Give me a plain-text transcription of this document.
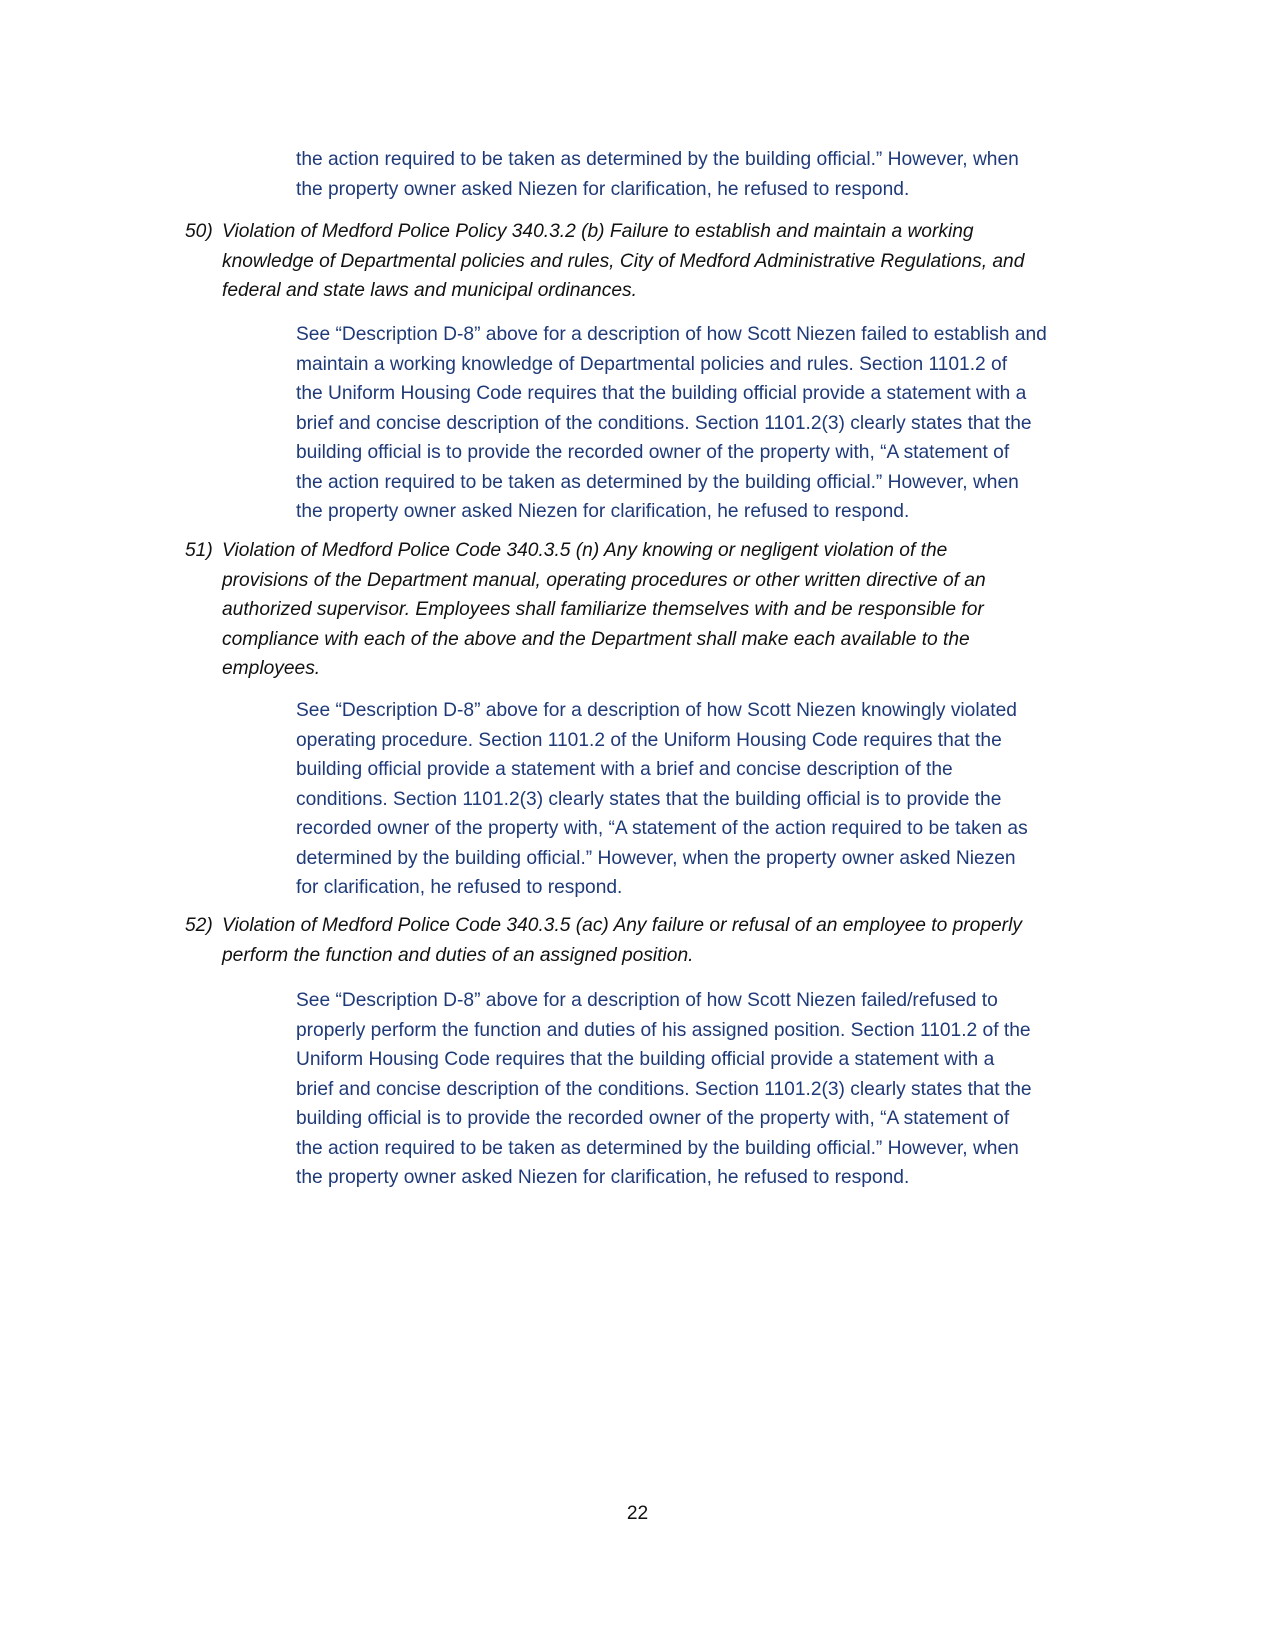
the action required to be taken as determined by the building official.” However, when
the property owner asked Niezen for clarification, he refused to respond.
50) Violation of Medford Police Policy 340.3.2 (b) Failure to establish and maintain a working
knowledge of Departmental policies and rules, City of Medford Administrative Regulations, and
federal and state laws and municipal ordinances.
See “Description D-8” above for a description of how Scott Niezen failed to establish and
maintain a working knowledge of Departmental policies and rules. Section 1101.2 of
the Uniform Housing Code requires that the building official provide a statement with a
brief and concise description of the conditions. Section 1101.2(3) clearly states that the
building official is to provide the recorded owner of the property with, “A statement of
the action required to be taken as determined by the building official.” However, when
the property owner asked Niezen for clarification, he refused to respond.
51) Violation of Medford Police Code 340.3.5 (n) Any knowing or negligent violation of the
provisions of the Department manual, operating procedures or other written directive of an
authorized supervisor. Employees shall familiarize themselves with and be responsible for
compliance with each of the above and the Department shall make each available to the
employees.
See “Description D-8” above for a description of how Scott Niezen knowingly violated
operating procedure. Section 1101.2 of the Uniform Housing Code requires that the
building official provide a statement with a brief and concise description of the
conditions. Section 1101.2(3) clearly states that the building official is to provide the
recorded owner of the property with, “A statement of the action required to be taken as
determined by the building official.” However, when the property owner asked Niezen
for clarification, he refused to respond.
52) Violation of Medford Police Code 340.3.5 (ac) Any failure or refusal of an employee to properly
perform the function and duties of an assigned position.
See “Description D-8” above for a description of how Scott Niezen failed/refused to
properly perform the function and duties of his assigned position. Section 1101.2 of the
Uniform Housing Code requires that the building official provide a statement with a
brief and concise description of the conditions. Section 1101.2(3) clearly states that the
building official is to provide the recorded owner of the property with, “A statement of
the action required to be taken as determined by the building official.” However, when
the property owner asked Niezen for clarification, he refused to respond.
22
